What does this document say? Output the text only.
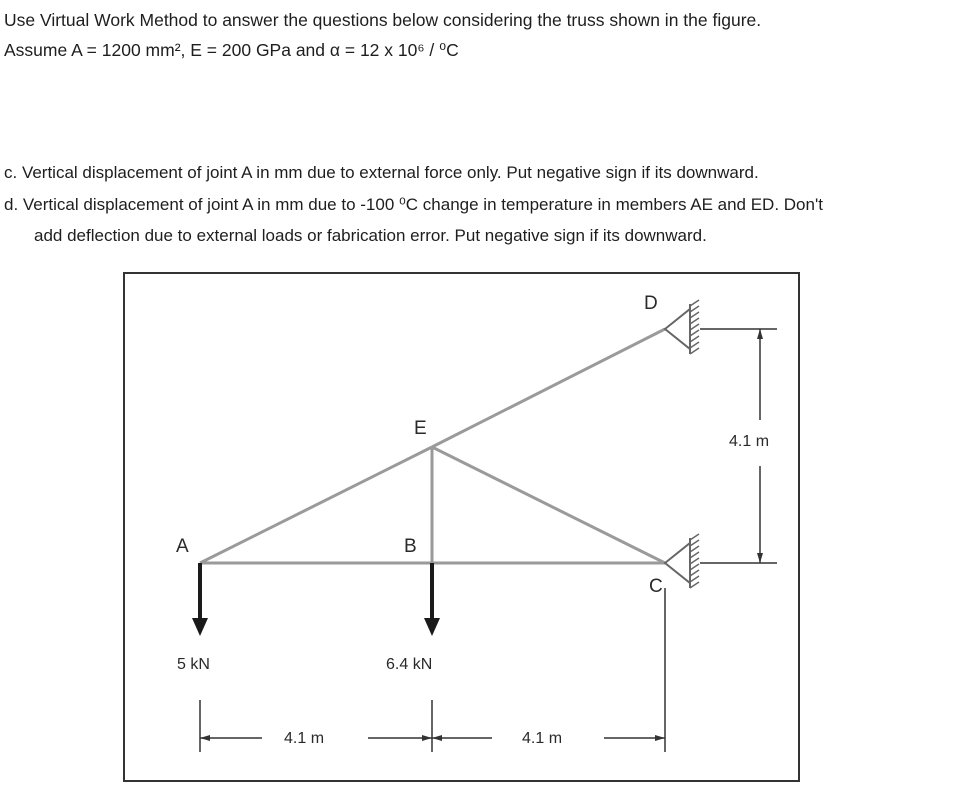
Use Virtual Work Method to answer the questions below considering the truss shown in the figure.
Assume A = 1200 mm², E = 200 GPa and α = 12 x 10⁶ / ⁰C
c. Vertical displacement of joint A in mm due to external force only. Put negative sign if its downward.
d. Vertical displacement of joint A in mm due to -100 ⁰C change in temperature in members AE and ED. Don't
add deflection due to external loads or fabrication error. Put negative sign if its downward.
A	B
E
D
C
5 kN	6.4 kN
4.1 m	4.1 m
4.1 m
